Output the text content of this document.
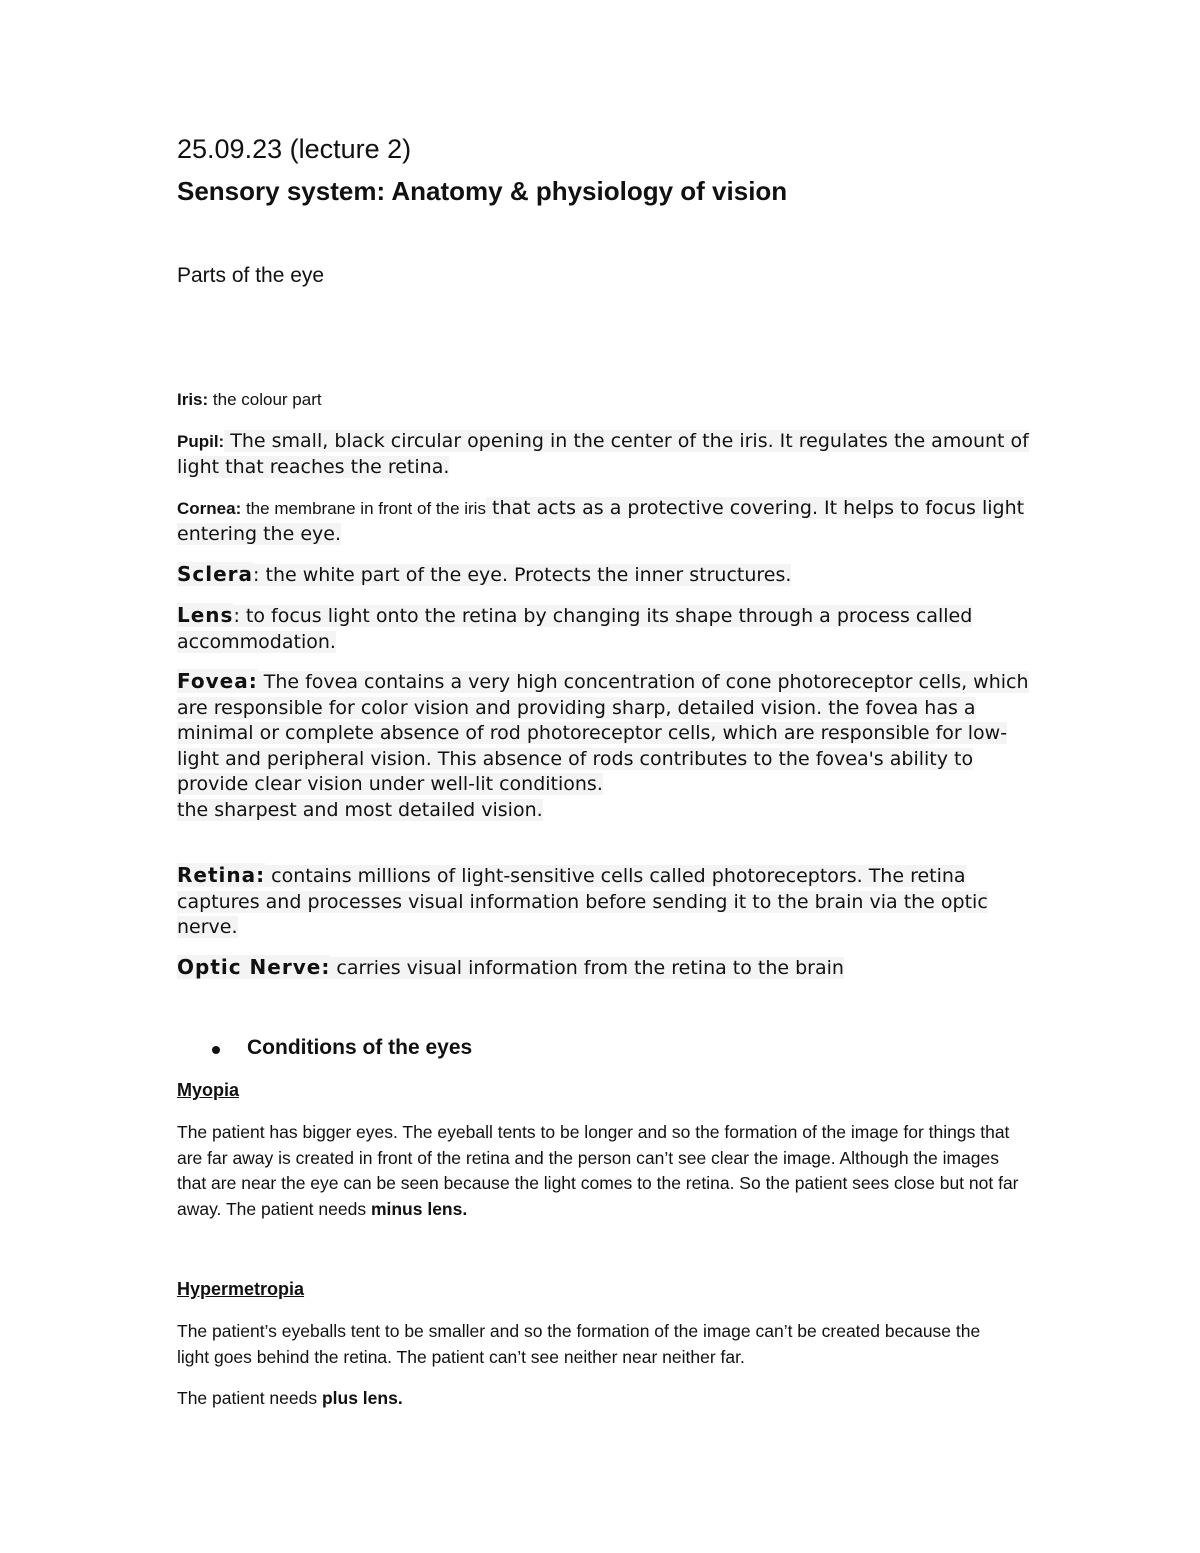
25.09.23 (lecture 2)
Sensory system: Anatomy & physiology of vision
Parts of the eye
Iris: the colour part
Pupil: The small, black circular opening in the center of the iris. It regulates the amount of light that reaches the retina.
Cornea: the membrane in front of the iris that acts as a protective covering. It helps to focus light entering the eye.
Sclera: the white part of the eye. Protects the inner structures.
Lens: to focus light onto the retina by changing its shape through a process called accommodation.
Fovea: The fovea contains a very high concentration of cone photoreceptor cells, which are responsible for color vision and providing sharp, detailed vision. the fovea has a minimal or complete absence of rod photoreceptor cells, which are responsible for low-light and peripheral vision. This absence of rods contributes to the fovea's ability to provide clear vision under well-lit conditions.
the sharpest and most detailed vision.
Retina: contains millions of light-sensitive cells called photoreceptors. The retina captures and processes visual information before sending it to the brain via the optic nerve.
Optic Nerve: carries visual information from the retina to the brain
Conditions of the eyes
Myopia
The patient has bigger eyes. The eyeball tents to be longer and so the formation of the image for things that are far away is created in front of the retina and the person can’t see clear the image. Although the images that are near the eye can be seen because the light comes to the retina. So the patient sees close but not far away. The patient needs minus lens.
Hypermetropia
The patient’s eyeballs tent to be smaller and so the formation of the image can’t be created because the light goes behind the retina. The patient can’t see neither near neither far.
The patient needs plus lens.
